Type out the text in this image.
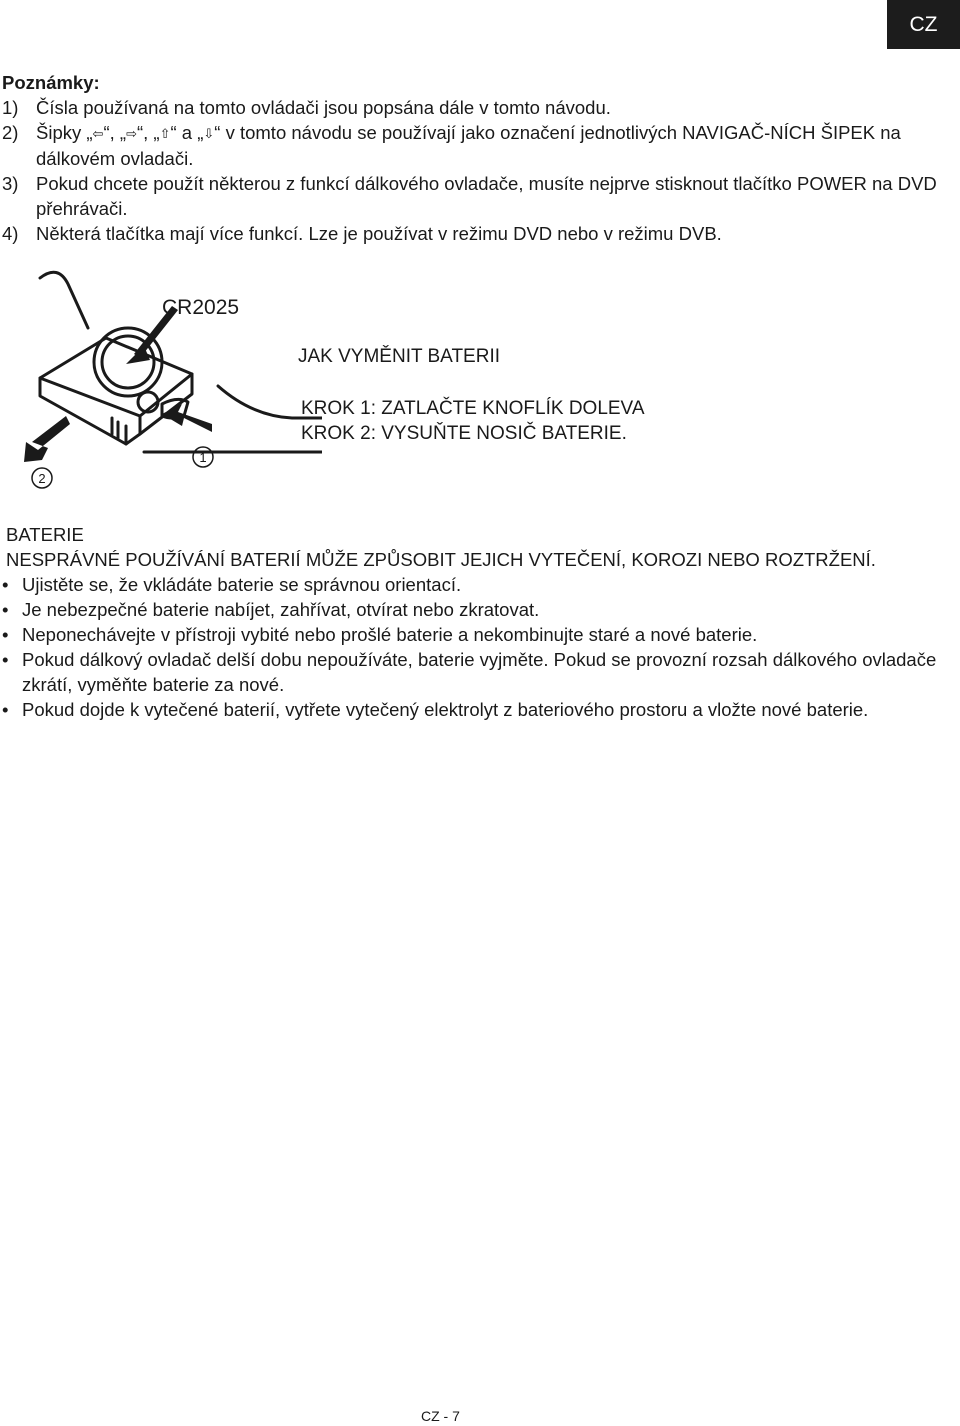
CZ

Poznámky:

1) Čísla používaná na tomto ovládači jsou popsána dále v tomto návodu.
2) Šipky „⇦“, „⇨“, „⇧“ a „⇩“ v tomto návodu se používají jako označení jednotlivých NAVIGAČ-NÍCH ŠIPEK na dálkovém ovladači.
3) Pokud chcete použít některou z funkcí dálkového ovladače, musíte nejprve stisknout tlačítko POWER na DVD přehrávači.
4) Některá tlačítka mají více funkcí. Lze je používat v režimu DVD nebo v režimu DVB.
CR2025
1
2
JAK VYMĚNIT BATERII
KROK 1: ZATLAČTE KNOFLÍK DOLEVA
KROK 2: VYSUŇTE NOSIČ BATERIE.
BATERIE
NESPRÁVNÉ POUŽÍVÁNÍ BATERIÍ MŮŽE ZPŮSOBIT JEJICH VYTEČENÍ, KOROZI NEBO ROZTRŽENÍ.
• Ujistěte se, že vkládáte baterie se správnou orientací.
• Je nebezpečné baterie nabíjet, zahřívat, otvírat nebo zkratovat.
• Neponechávejte v přístroji vybité nebo prošlé baterie a nekombinujte staré a nové baterie.
• Pokud dálkový ovladač delší dobu nepoužíváte, baterie vyjměte. Pokud se provozní rozsah dálkového ovladače zkrátí, vyměňte baterie za nové.
• Pokud dojde k vytečené baterií, vytřete vytečený elektrolyt z bateriového prostoru a vložte nové baterie.
CZ - 7
